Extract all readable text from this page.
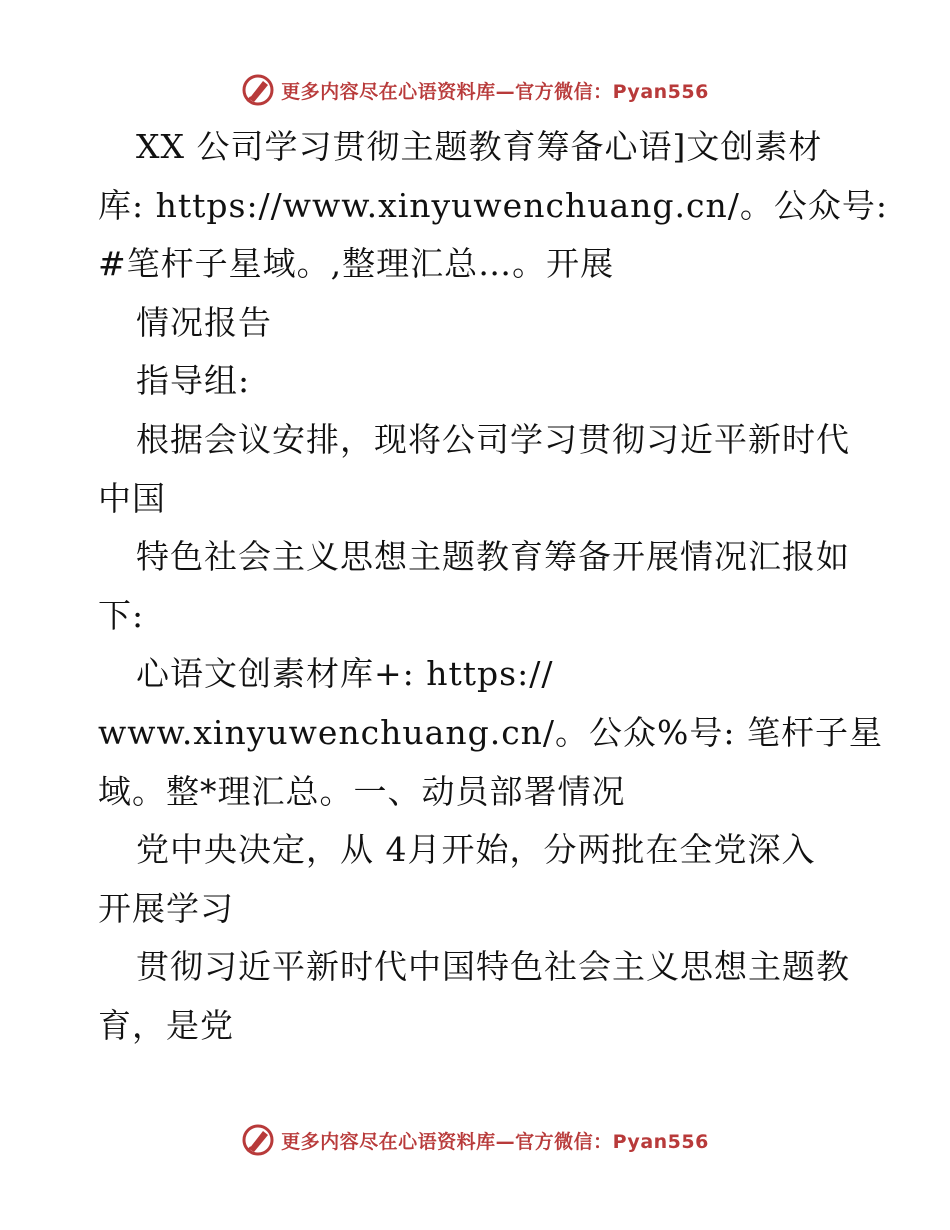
更多内容尽在心语资料库—官方微信：Pyan556
XX 公司学习贯彻主题教育筹备心语]文创素材
库: https://www.xinyuwenchuang.cn/。公众号:
#笔杆子星域。,整理汇总…。开展
情况报告
指导组:
根据会议安排，现将公司学习贯彻习近平新时代
中国
特色社会主义思想主题教育筹备开展情况汇报如
下:
心语文创素材库+: https://
www.xinyuwenchuang.cn/。公众%号: 笔杆子星
域。整*理汇总。一、动员部署情况
党中央决定，从 4月开始，分两批在全党深入
开展学习
贯彻习近平新时代中国特色社会主义思想主题教
育，是党
更多内容尽在心语资料库—官方微信：Pyan556
